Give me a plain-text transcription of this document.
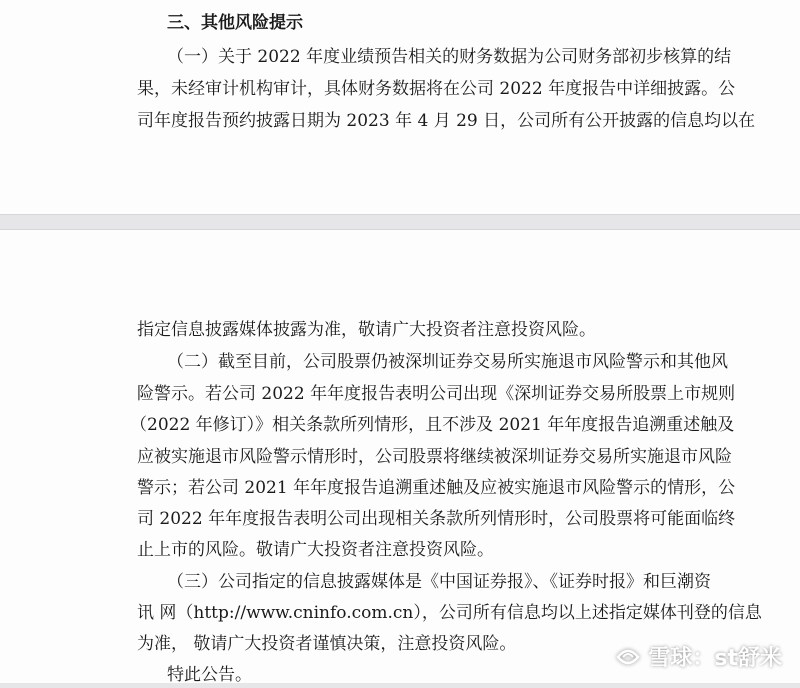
三、其他风险提示
（一）关于 2022 年度业绩预告相关的财务数据为公司财务部初步核算的结
果，未经审计机构审计，具体财务数据将在公司 2022 年度报告中详细披露。公
司年度报告预约披露日期为 2023 年 4 月 29 日，公司所有公开披露的信息均以在
指定信息披露媒体披露为准，敬请广大投资者注意投资风险。
（二）截至目前，公司股票仍被深圳证券交易所实施退市风险警示和其他风
险警示。若公司 2022 年年度报告表明公司出现《深圳证券交易所股票上市规则
（2022 年修订）》相关条款所列情形，且不涉及 2021 年年度报告追溯重述触及
应被实施退市风险警示情形时，公司股票将继续被深圳证券交易所实施退市风险
警示；若公司 2021 年年度报告追溯重述触及应被实施退市风险警示的情形，公
司 2022 年年度报告表明公司出现相关条款所列情形时，公司股票将可能面临终
止上市的风险。敬请广大投资者注意投资风险。
（三）公司指定的信息披露媒体是《中国证券报》、《证券时报》和巨潮资
讯 网（http://www.cninfo.com.cn），公司所有信息均以上述指定媒体刊登的信息
为准， 敬请广大投资者谨慎决策，注意投资风险。
特此公告。
雪球：st舒米
